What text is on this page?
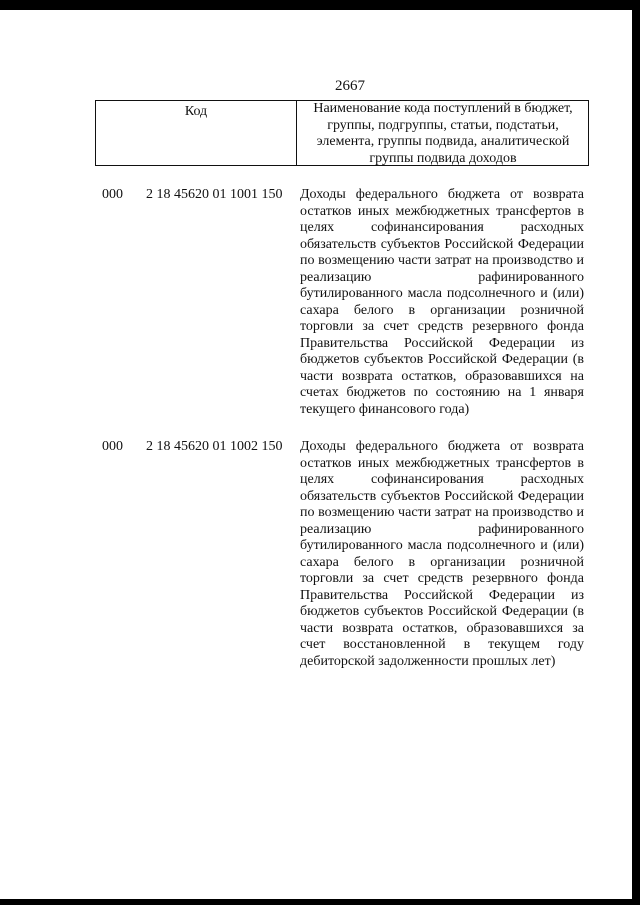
2667
Код	Наименование кода поступлений в бюджет, группы, подгруппы, статьи, подстатьи, элемента, группы подвида, аналитической группы подвида доходов
000 2 18 45620 01 1001 150 Доходы федерального бюджета от возврата остатков иных межбюджетных трансфертов в целях софинансирования расходных обязательств субъектов Российской Федерации по возмещению части затрат на производство и реализацию рафинированного бутилированного масла подсолнечного и (или) сахара белого в организации розничной торговли за счет средств резервного фонда Правительства Российской Федерации из бюджетов субъектов Российской Федерации (в части возврата остатков, образовавшихся на счетах бюджетов по состоянию на 1 января текущего финансового года)
000 2 18 45620 01 1002 150 Доходы федерального бюджета от возврата остатков иных межбюджетных трансфертов в целях софинансирования расходных обязательств субъектов Российской Федерации по возмещению части затрат на производство и реализацию рафинированного бутилированного масла подсолнечного и (или) сахара белого в организации розничной торговли за счет средств резервного фонда Правительства Российской Федерации из бюджетов субъектов Российской Федерации (в части возврата остатков, образовавшихся за счет восстановленной в текущем году дебиторской задолженности прошлых лет)
